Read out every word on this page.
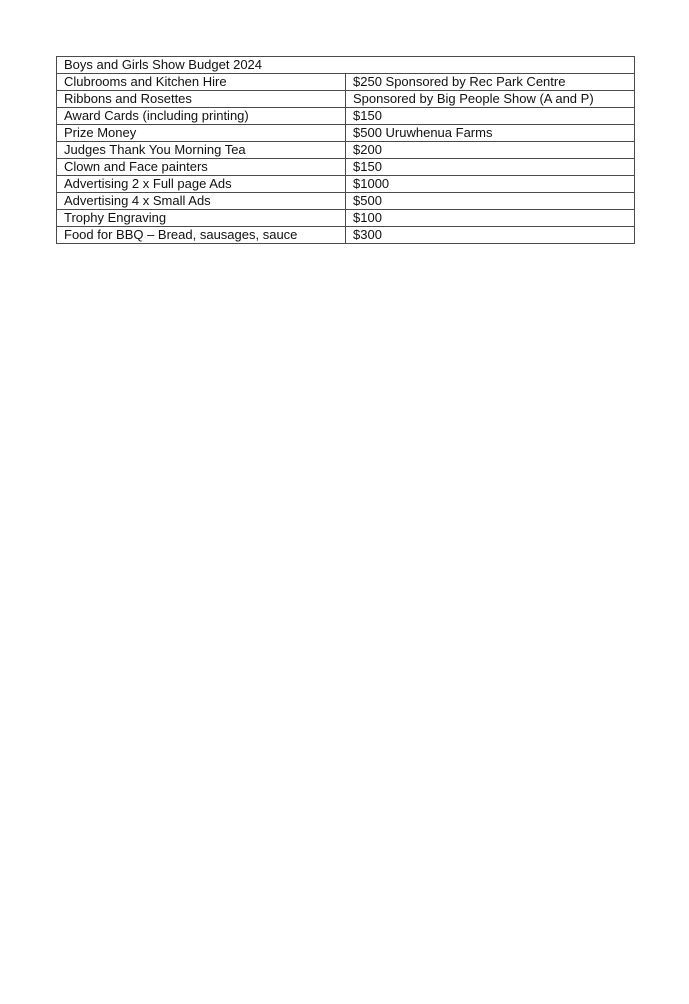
Boys and Girls Show Budget 2024	
Clubrooms and Kitchen Hire	$250 Sponsored by Rec Park Centre
Ribbons and Rosettes	Sponsored by Big People Show (A and P)
Award Cards (including printing)	$150
Prize Money	$500 Uruwhenua Farms
Judges Thank You Morning Tea	$200
Clown and Face painters	$150
Advertising 2 x Full page Ads	$1000
Advertising 4 x Small Ads	$500
Trophy Engraving	$100
Food for BBQ – Bread, sausages, sauce	$300
